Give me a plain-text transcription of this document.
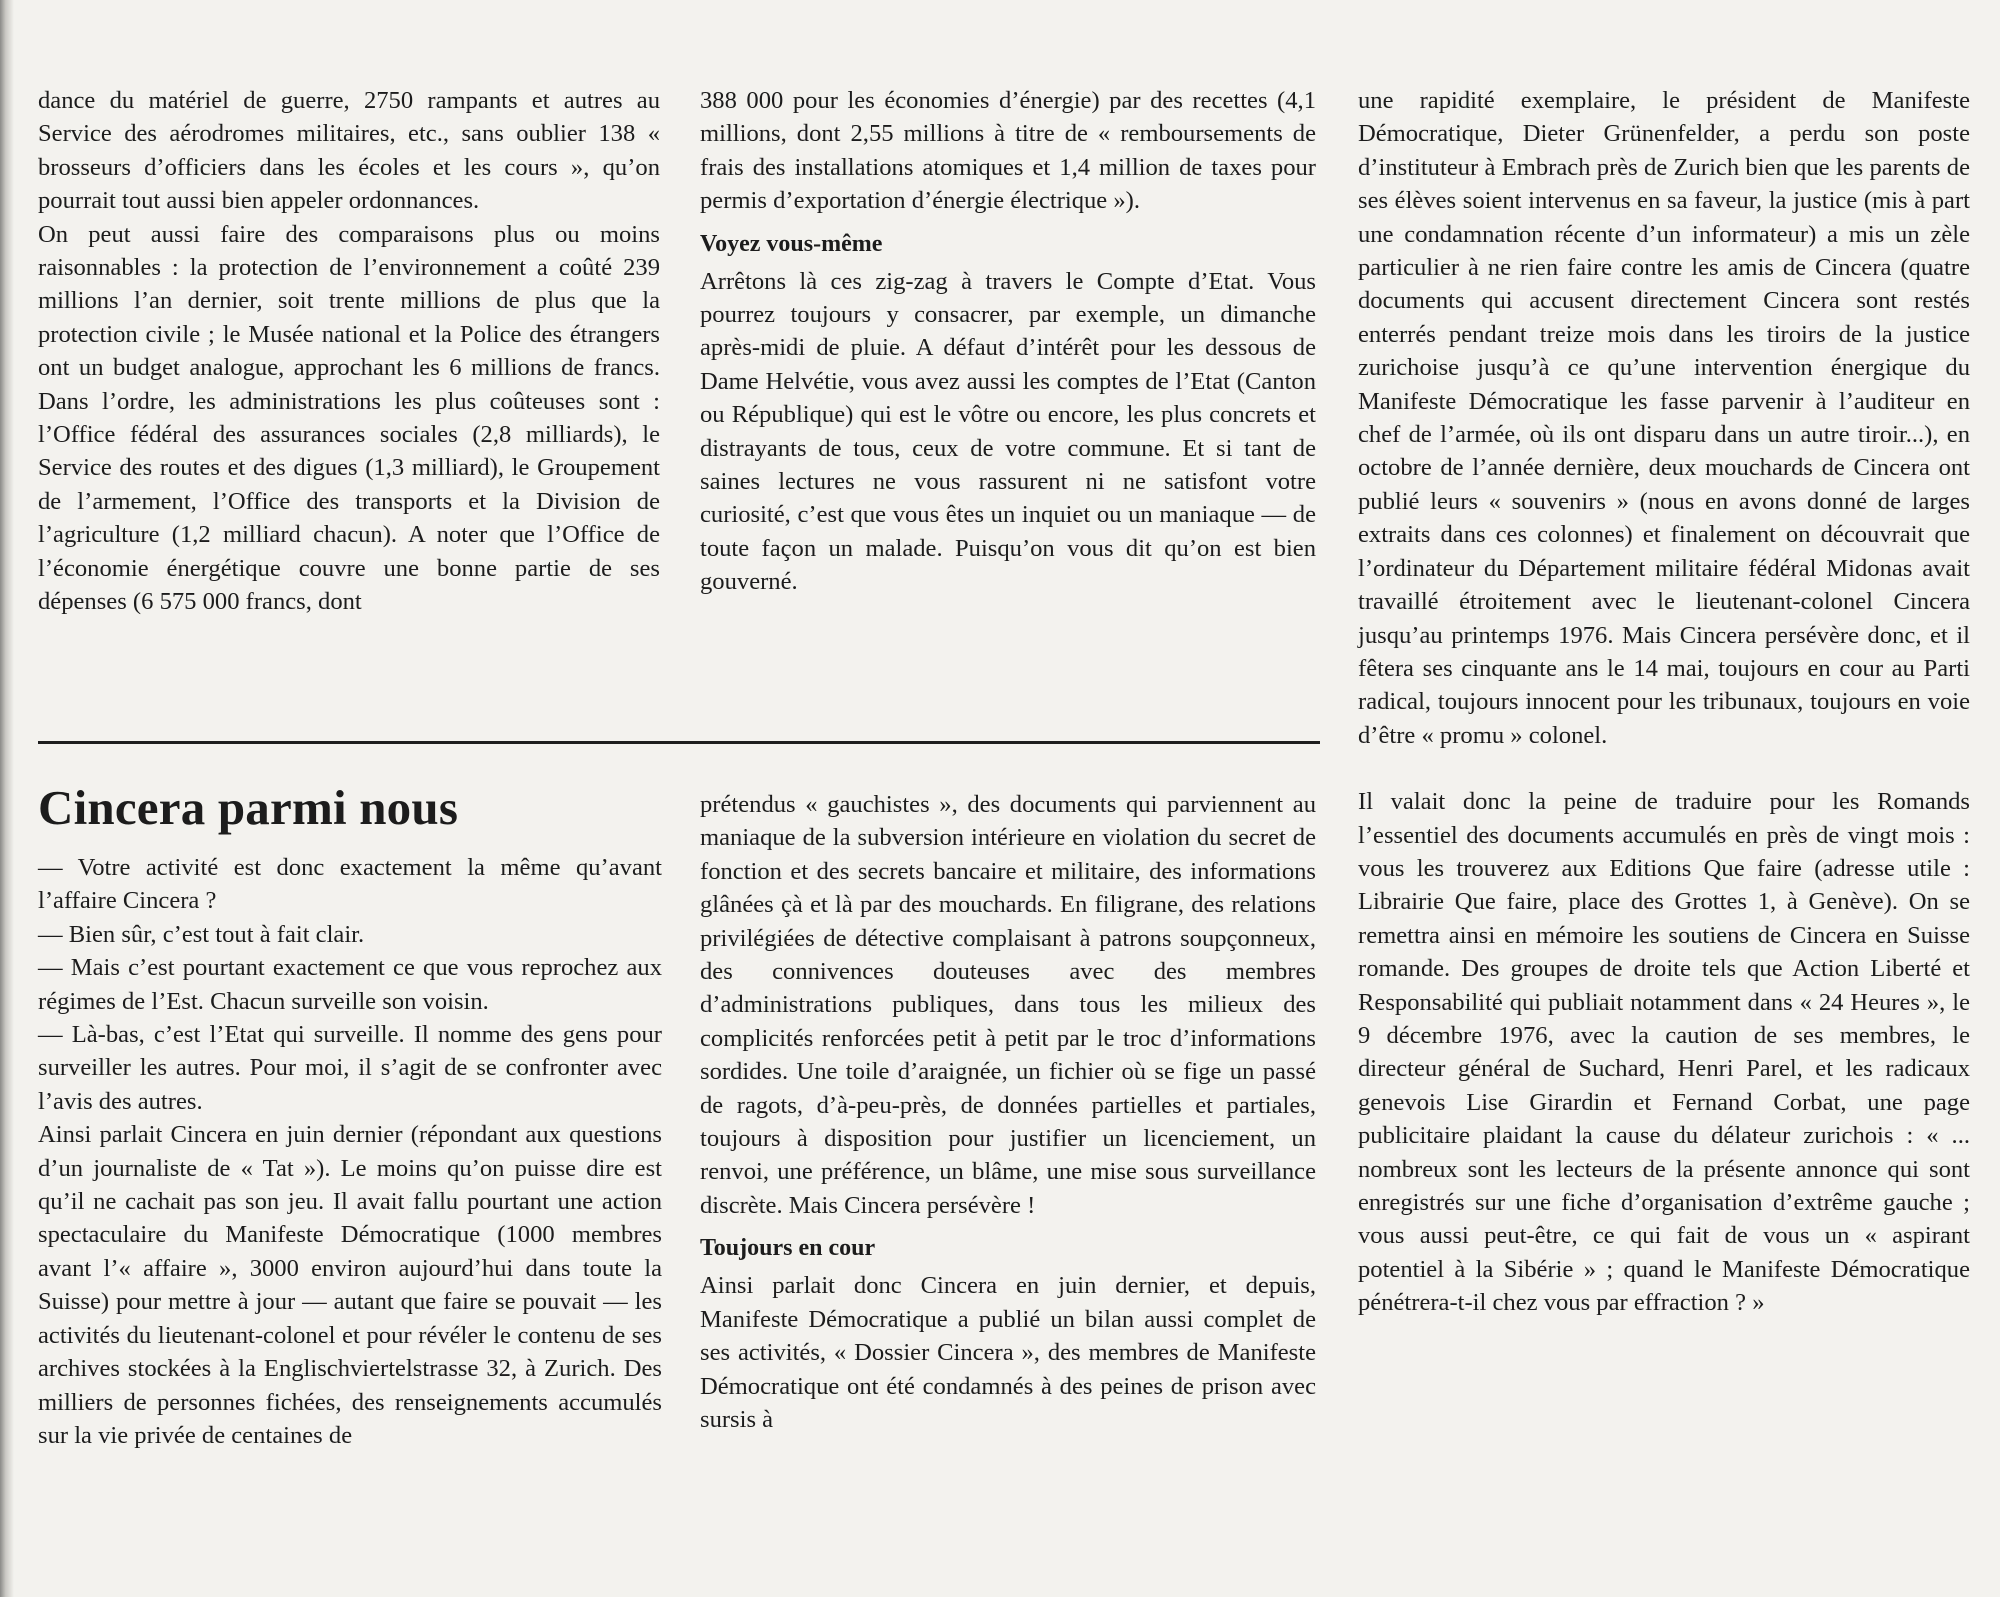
dance du matériel de guerre, 2750 rampants et autres au Service des aérodromes militaires, etc., sans oublier 138 « brosseurs d’officiers dans les écoles et les cours », qu’on pourrait tout aussi bien appeler ordonnances.

On peut aussi faire des comparaisons plus ou moins raisonnables : la protection de l’environnement a coûté 239 millions l’an dernier, soit trente millions de plus que la protection civile ; le Musée national et la Police des étrangers ont un budget analogue, approchant les 6 millions de francs. Dans l’ordre, les administrations les plus coûteuses sont : l’Office fédéral des assurances sociales (2,8 milliards), le Service des routes et des digues (1,3 milliard), le Groupement de l’armement, l’Office des transports et la Division de l’agriculture (1,2 milliard chacun). A noter que l’Office de l’économie énergétique couvre une bonne partie de ses dépenses (6 575 000 francs, dont

388 000 pour les économies d’énergie) par des recettes (4,1 millions, dont 2,55 millions à titre de « remboursements de frais des installations atomiques et 1,4 million de taxes pour permis d’exportation d’énergie électrique »).

Voyez vous-même

Arrêtons là ces zig-zag à travers le Compte d’Etat. Vous pourrez toujours y consacrer, par exemple, un dimanche après-midi de pluie. A défaut d’intérêt pour les dessous de Dame Helvétie, vous avez aussi les comptes de l’Etat (Canton ou République) qui est le vôtre ou encore, les plus concrets et distrayants de tous, ceux de votre commune. Et si tant de saines lectures ne vous rassurent ni ne satisfont votre curiosité, c’est que vous êtes un inquiet ou un maniaque — de toute façon un malade. Puisqu’on vous dit qu’on est bien gouverné.

Cincera parmi nous

— Votre activité est donc exactement la même qu’avant l’affaire Cincera ?

— Bien sûr, c’est tout à fait clair.

— Mais c’est pourtant exactement ce que vous reprochez aux régimes de l’Est. Chacun surveille son voisin.

— Là-bas, c’est l’Etat qui surveille. Il nomme des gens pour surveiller les autres. Pour moi, il s’agit de se confronter avec l’avis des autres.

Ainsi parlait Cincera en juin dernier (répondant aux questions d’un journaliste de « Tat »). Le moins qu’on puisse dire est qu’il ne cachait pas son jeu. Il avait fallu pourtant une action spectaculaire du Manifeste Démocratique (1000 membres avant l’« affaire », 3000 environ aujourd’hui dans toute la Suisse) pour mettre à jour — autant que faire se pouvait — les activités du lieutenant-colonel et pour révéler le contenu de ses archives stockées à la Englischviertelstrasse 32, à Zurich. Des milliers de personnes fichées, des renseignements accumulés sur la vie privée de centaines de

prétendus « gauchistes », des documents qui parviennent au maniaque de la subversion intérieure en violation du secret de fonction et des secrets bancaire et militaire, des informations glânées çà et là par des mouchards. En filigrane, des relations privilégiées de détective complaisant à patrons soupçonneux, des connivences douteuses avec des membres d’administrations publiques, dans tous les milieux des complicités renforcées petit à petit par le troc d’informations sordides. Une toile d’araignée, un fichier où se fige un passé de ragots, d’à-peu-près, de données partielles et partiales, toujours à disposition pour justifier un licenciement, un renvoi, une préférence, un blâme, une mise sous surveillance discrète. Mais Cincera persévère !

Toujours en cour

Ainsi parlait donc Cincera en juin dernier, et depuis, Manifeste Démocratique a publié un bilan aussi complet de ses activités, « Dossier Cincera », des membres de Manifeste Démocratique ont été condamnés à des peines de prison avec sursis à

une rapidité exemplaire, le président de Manifeste Démocratique, Dieter Grünenfelder, a perdu son poste d’instituteur à Embrach près de Zurich bien que les parents de ses élèves soient intervenus en sa faveur, la justice (mis à part une condamnation récente d’un informateur) a mis un zèle particulier à ne rien faire contre les amis de Cincera (quatre documents qui accusent directement Cincera sont restés enterrés pendant treize mois dans les tiroirs de la justice zurichoise jusqu’à ce qu’une intervention énergique du Manifeste Démocratique les fasse parvenir à l’auditeur en chef de l’armée, où ils ont disparu dans un autre tiroir...), en octobre de l’année dernière, deux mouchards de Cincera ont publié leurs « souvenirs » (nous en avons donné de larges extraits dans ces colonnes) et finalement on découvrait que l’ordinateur du Département militaire fédéral Midonas avait travaillé étroitement avec le lieutenant-colonel Cincera jusqu’au printemps 1976. Mais Cincera persévère donc, et il fêtera ses cinquante ans le 14 mai, toujours en cour au Parti radical, toujours innocent pour les tribunaux, toujours en voie d’être « promu » colonel.

Il valait donc la peine de traduire pour les Romands l’essentiel des documents accumulés en près de vingt mois : vous les trouverez aux Editions Que faire (adresse utile : Librairie Que faire, place des Grottes 1, à Genève). On se remettra ainsi en mémoire les soutiens de Cincera en Suisse romande. Des groupes de droite tels que Action Liberté et Responsabilité qui publiait notamment dans « 24 Heures », le 9 décembre 1976, avec la caution de ses membres, le directeur général de Suchard, Henri Parel, et les radicaux genevois Lise Girardin et Fernand Corbat, une page publicitaire plaidant la cause du délateur zurichois : « ... nombreux sont les lecteurs de la présente annonce qui sont enregistrés sur une fiche d’organisation d’extrême gauche ; vous aussi peut-être, ce qui fait de vous un « aspirant potentiel à la Sibérie » ; quand le Manifeste Démocratique pénétrera-t-il chez vous par effraction ? »
